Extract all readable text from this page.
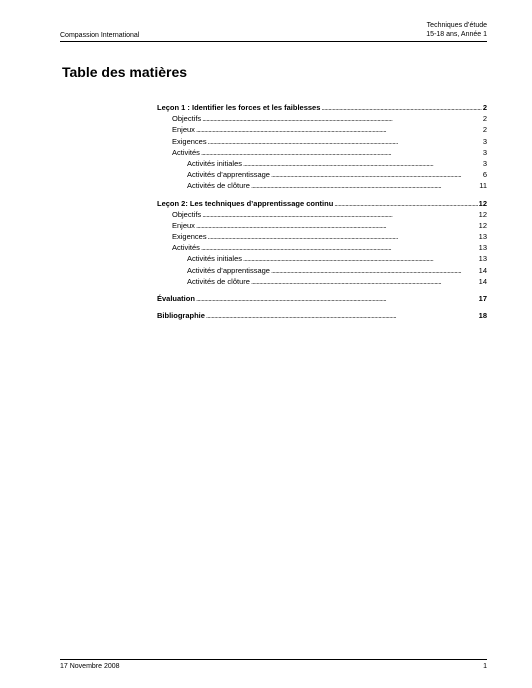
Compassion International
Techniques d’étude
15-18 ans, Année 1
Table des matières
Leçon 1 : Identifier les forces et les faiblesses . . .	2
Objectifs . . .	2
Enjeux . . .	2
Exigences . . .	3
Activités . . .	3
Activités initiales . . .	3
Activités d’apprentissage . . .	6
Activités de clôture . . .	11
Leçon 2: Les techniques d’apprentissage continu . . .	12
Objectifs . . .	12
Enjeux . . .	12
Exigences . . .	13
Activités . . .	13
Activités initiales . . .	13
Activités d’apprentissage . . .	14
Activités de clôture . . .	14
Évaluation . . .	17
Bibliographie . . .	18
17 Novembre 2008	1
